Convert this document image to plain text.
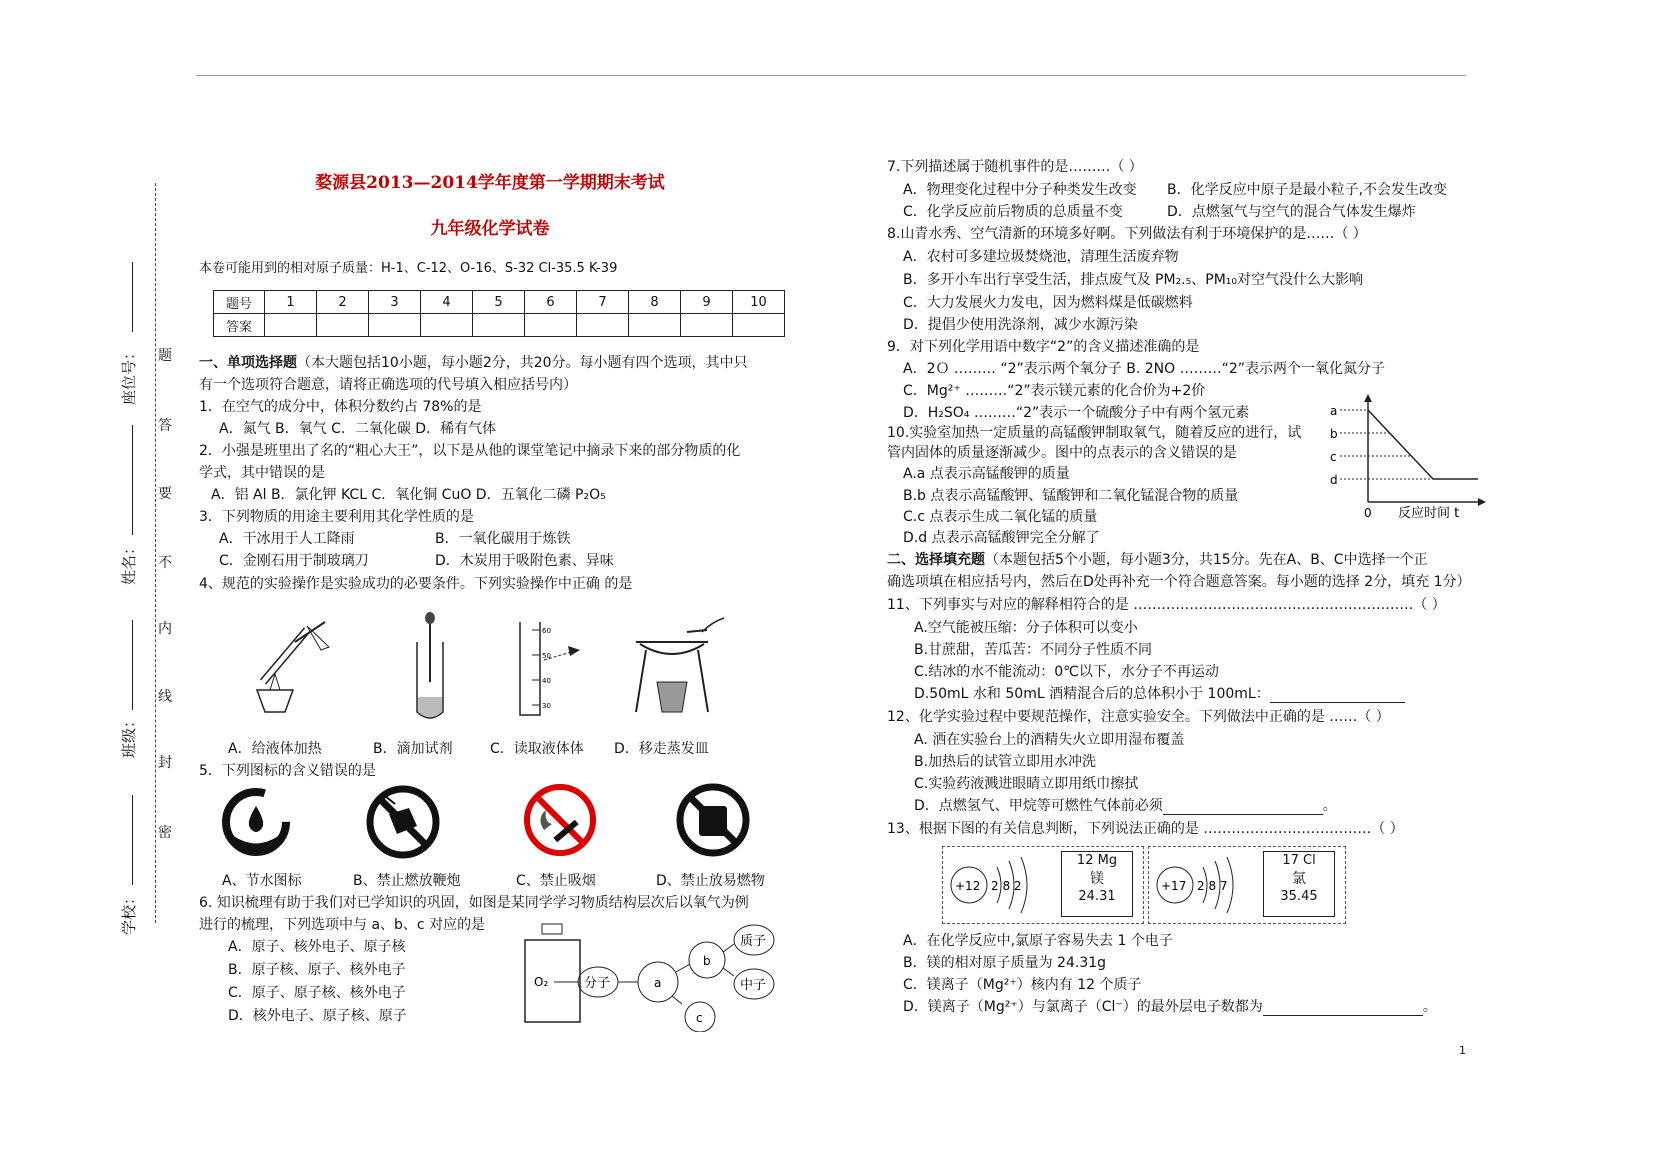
座位号：
姓名：
班级：
学校：
题
答
要
不
内
线
封
密
婺源县2013—2014学年度第一学期期末考试
九年级化学试卷
本卷可能用到的相对原子质量：H-1、C-12、O-16、S-32 Cl-35.5 K-39
题号	1	2	3	4	5	6	7	8	9	10
答案										
一、单项选择题（本大题包括10小题，每小题2分，共20分。每小题有四个选项，其中只
有一个选项符合题意，请将正确选项的代号填入相应括号内）
1．在空气的成分中，体积分数约占 78%的是
A．氮气 B．氧气 C．二氧化碳 D．稀有气体
2．小强是班里出了名的“粗心大王”，以下是从他的课堂笔记中摘录下来的部分物质的化
学式，其中错误的是
A．铝 Al B．氯化钾 KCL C．氧化铜 CuO D．五氧化二磷 P₂O₅
3．下列物质的用途主要利用其化学性质的是
A．干冰用于人工降雨	B．一氧化碳用于炼铁
C．金刚石用于制玻璃刀	D．木炭用于吸附色素、异味
4、规范的实验操作是实验成功的必要条件。下列实验操作中正确 的是
60
50
40
30
A．给液体加热	B．滴加试剂	C．读取液体体 D．移走蒸发皿
5．下列图标的含义错误的是
A、节水图标	B、禁止燃放鞭炮	C、禁止吸烟	D、禁止放易燃物
6. 知识梳理有助于我们对已学知识的巩固，如图是某同学学习物质结构层次后以氧气为例
进行的梳理，下列选项中与 a、b、c 对应的是
A．原子、核外电子、原子核
B．原子核、原子、核外电子
C．原子、原子核、核外电子
D．核外电子、原子核、原子
O₂	分子	a
b
c
质子
中子
7.下列描述属于随机事件的是………（ ）
A．物理变化过程中分子种类发生改变 B．化学反应中原子是最小粒子,不会发生改变
C．化学反应前后物质的总质量不变	D．点燃氢气与空气的混合气体发生爆炸
8.山青水秀、空气清新的环境多好啊。下列做法有利于环境保护的是……（ ）
A．农村可多建垃圾焚烧池，清理生活废弃物
B．多开小车出行享受生活，排点废气及 PM₂.₅、PM₁₀对空气没什么大影响
C．大力发展火力发电，因为燃料煤是低碳燃料
D．提倡少使用洗涤剂，减少水源污染
9．对下列化学用语中数字“2”的含义描述准确的是
A．2Ｏ ……… “2”表示两个氧分子 B. 2NO ………“2”表示两个一氧化氮分子
C．Mg²⁺ ………“2”表示镁元素的化合价为+2价
D．H₂SO₄ ………“2”表示一个硫酸分子中有两个氢元素
10.实验室加热一定质量的高锰酸钾制取氧气，随着反应的进行，试
管内固体的质量逐渐减少。图中的点表示的含义错误的是
A.a 点表示高锰酸钾的质量
B.b 点表示高锰酸钾、锰酸钾和二氧化锰混合物的质量
C.c 点表示生成二氧化锰的质量
D.d 点表示高锰酸钾完全分解了
a
b
c
d
0 反应时间 t
二、选择填充题（本题包括5个小题，每小题3分，共15分。先在A、B、C中选择一个正
确选项填在相应括号内，然后在D处再补充一个符合题意答案。每小题的选择 2分，填充 1分）
11、下列事实与对应的解释相符合的是 ……………………………………………………（ ）
A.空气能被压缩：分子体积可以变小
B.甘蔗甜，苦瓜苦：不同分子性质不同
C.结冰的水不能流动：0℃以下，水分子不再运动
D.50mL 水和 50mL 酒精混合后的总体积小于 100mL：
12、化学实验过程中要规范操作，注意实验安全。下列做法中正确的是 ……（ ）
A. 洒在实验台上的酒精失火立即用湿布覆盖
B.加热后的试管立即用水冲洗
C.实验药液溅进眼睛立即用纸巾擦拭
D．点燃氢气、甲烷等可燃性气体前必须	。
13、根据下图的有关信息判断，下列说法正确的是 ………………………………（ ）
+12 2 8 2
12 Mg
镁
24.31
+17 2 8 7
17 Cl
氯
35.45
A．在化学反应中,氯原子容易失去 1 个电子
B．镁的相对原子质量为 24.31g
C．镁离子（Mg²⁺）核内有 12 个质子
D．镁离子（Mg²⁺）与氯离子（Cl⁻）的最外层电子数都为	。
1
